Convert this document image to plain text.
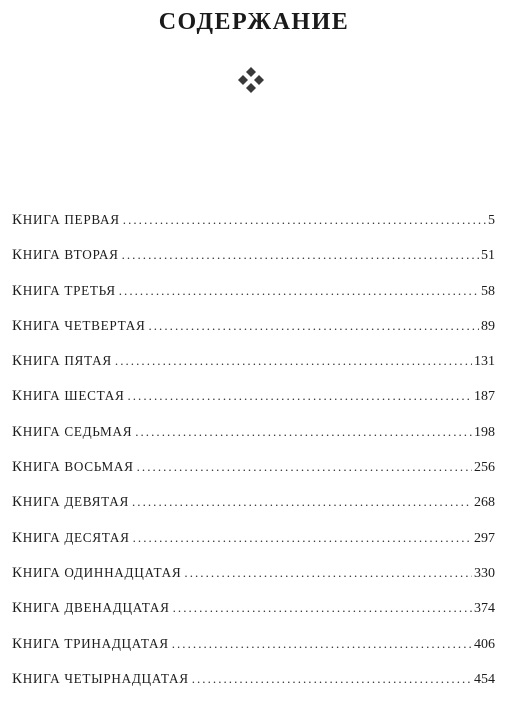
СОДЕРЖАНИЕ
КНИГА ПЕРВАЯ . . .	5
КНИГА ВТОРАЯ . . .	51
КНИГА ТРЕТЬЯ . . .	58
КНИГА ЧЕТВЕРТАЯ . . .	89
КНИГА ПЯТАЯ . . .	131
КНИГА ШЕСТАЯ . . .	187
КНИГА СЕДЬМАЯ . . .	198
КНИГА ВОСЬМАЯ . . .	256
КНИГА ДЕВЯТАЯ . . .	268
КНИГА ДЕСЯТАЯ . . .	297
КНИГА ОДИННАДЦАТАЯ . . .	330
КНИГА ДВЕНАДЦАТАЯ . . .	374
КНИГА ТРИНАДЦАТАЯ . . .	406
КНИГА ЧЕТЫРНАДЦАТАЯ . . .	454
